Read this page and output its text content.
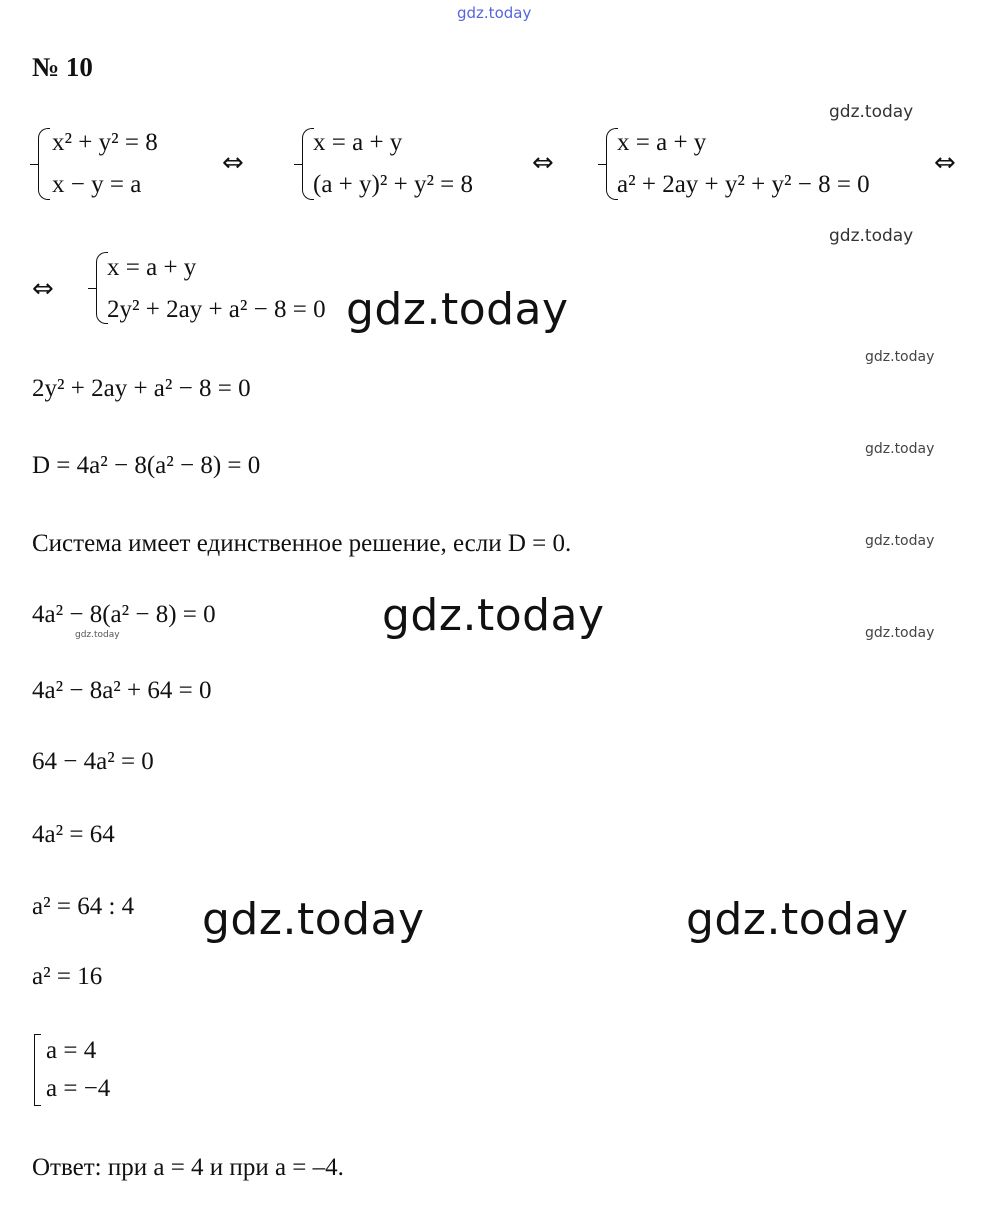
gdz.today
gdz.today
gdz.today
gdz.today
gdz.today
gdz.today
gdz.today
gdz.today	gdz.today
gdz.today
gdz.today	gdz.today
№ 10
x² + y² = 8
x − y = a
⇔
x = a + y
(a + y)² + y² = 8
⇔
x = a + y
a² + 2ay + y² + y² − 8 = 0
⇔
⇔
x = a + y
2y² + 2ay + a² − 8 = 0
2y² + 2ay + a² − 8 = 0
D = 4a² − 8(a² − 8) = 0
Система имеет единственное решение, если D = 0.
4a² − 8(a² − 8) = 0
4a² − 8a² + 64 = 0
64 − 4a² = 0
4a² = 64
a² = 64 : 4
a² = 16
a = 4
a = −4
Ответ: при a = 4 и при a = –4.
